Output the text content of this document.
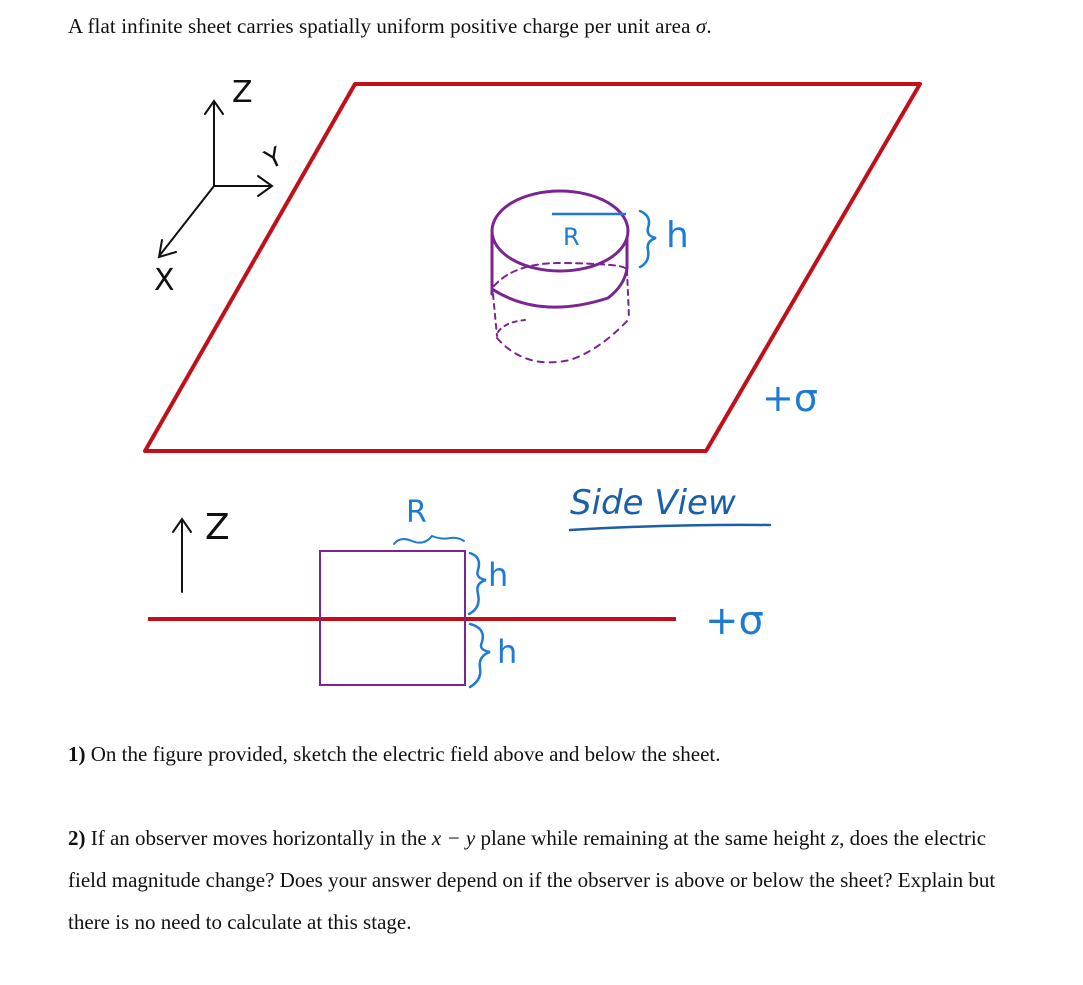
A flat infinite sheet carries spatially uniform positive charge per unit area σ.
Z
Y
X
R h
+σ
Side View
Z	R
h
h
+σ
1) On the figure provided, sketch the electric field above and below the sheet.
2) If an observer moves horizontally in the x − y plane while remaining at the same height z, does the electric field magnitude change? Does your answer depend on if the observer is above or below the sheet? Explain but there is no need to calculate at this stage.
